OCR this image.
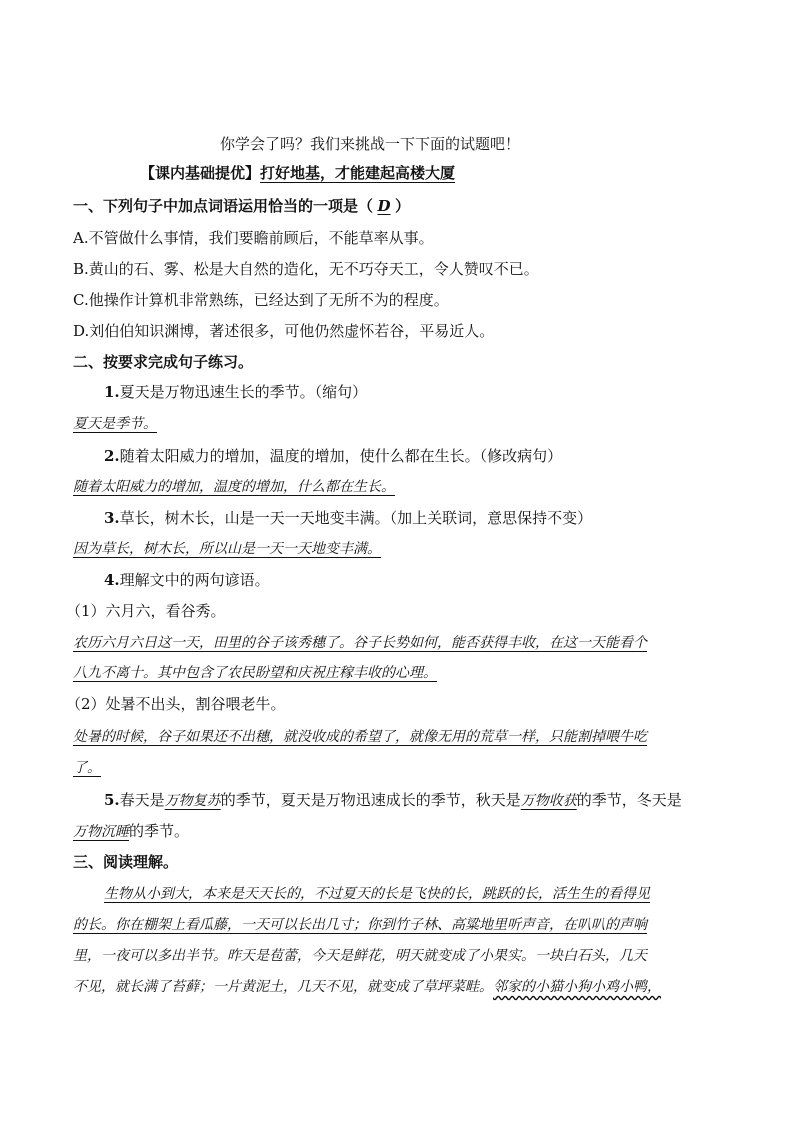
你学会了吗？我们来挑战一下下面的试题吧！
【课内基础提优】打好地基，才能建起高楼大厦
一、下列句子中加点词语运用恰当的一项是（ D ）
A.不管做什么事情，我们要瞻前顾后，不能草率从事。
B.黄山的石、雾、松是大自然的造化，无不巧夺天工，令人赞叹不已。
C.他操作计算机非常熟练，已经达到了无所不为的程度。
D.刘伯伯知识渊博，著述很多，可他仍然虚怀若谷，平易近人。
二、按要求完成句子练习。
1.夏天是万物迅速生长的季节。（缩句）
夏天是季节。
2.随着太阳威力的增加，温度的增加，使什么都在生长。（修改病句）
随着太阳威力的增加，温度的增加，什么都在生长。
3.草长，树木长，山是一天一天地变丰满。（加上关联词，意思保持不变）
因为草长，树木长，所以山是一天一天地变丰满。
4.理解文中的两句谚语。
（1）六月六，看谷秀。
农历六月六日这一天，田里的谷子该秀穗了。谷子长势如何，能否获得丰收，在这一天能看个
八九不离十。其中包含了农民盼望和庆祝庄稼丰收的心理。
（2）处暑不出头，割谷喂老牛。
处暑的时候，谷子如果还不出穗，就没收成的希望了，就像无用的荒草一样，只能割掉喂牛吃
了。
5.春天是万物复苏的季节，夏天是万物迅速成长的季节，秋天是万物收获的季节，冬天是
万物沉睡的季节。
三、阅读理解。
生物从小到大，本来是天天长的，不过夏天的长是飞快的长，跳跃的长，活生生的看得见
的长。你在棚架上看瓜藤，一天可以长出几寸；你到竹子林、高粱地里听声音，在叭叭的声响
里，一夜可以多出半节。昨天是苞蕾，今天是鲜花，明天就变成了小果实。一块白石头，几天
不见，就长满了苔藓；一片黄泥土，几天不见，就变成了草坪菜畦。邻家的小猫小狗小鸡小鸭，
